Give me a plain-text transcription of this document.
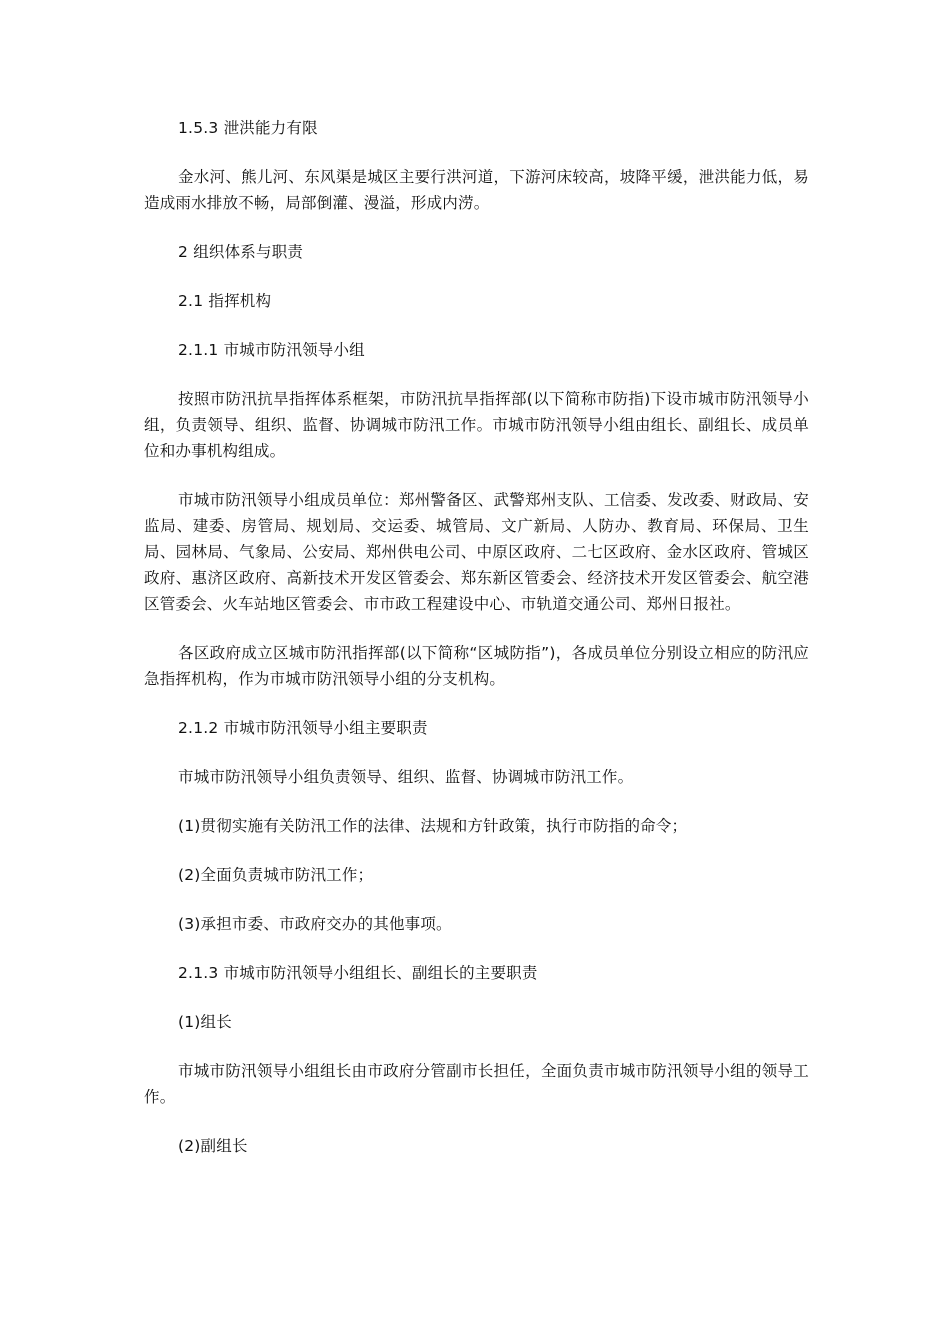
1.5.3 泄洪能力有限
金水河、熊儿河、东风渠是城区主要行洪河道，下游河床较高，坡降平缓，泄洪能力低，易造成雨水排放不畅，局部倒灌、漫溢，形成内涝。
2 组织体系与职责
2.1 指挥机构
2.1.1 市城市防汛领导小组
按照市防汛抗旱指挥体系框架，市防汛抗旱指挥部(以下简称市防指)下设市城市防汛领导小组，负责领导、组织、监督、协调城市防汛工作。市城市防汛领导小组由组长、副组长、成员单位和办事机构组成。
市城市防汛领导小组成员单位：郑州警备区、武警郑州支队、工信委、发改委、财政局、安监局、建委、房管局、规划局、交运委、城管局、文广新局、人防办、教育局、环保局、卫生局、园林局、气象局、公安局、郑州供电公司、中原区政府、二七区政府、金水区政府、管城区政府、惠济区政府、高新技术开发区管委会、郑东新区管委会、经济技术开发区管委会、航空港区管委会、火车站地区管委会、市市政工程建设中心、市轨道交通公司、郑州日报社。
各区政府成立区城市防汛指挥部(以下简称“区城防指”)，各成员单位分别设立相应的防汛应急指挥机构，作为市城市防汛领导小组的分支机构。
2.1.2 市城市防汛领导小组主要职责
市城市防汛领导小组负责领导、组织、监督、协调城市防汛工作。
(1)贯彻实施有关防汛工作的法律、法规和方针政策，执行市防指的命令；
(2)全面负责城市防汛工作；
(3)承担市委、市政府交办的其他事项。
2.1.3 市城市防汛领导小组组长、副组长的主要职责
(1)组长
市城市防汛领导小组组长由市政府分管副市长担任，全面负责市城市防汛领导小组的领导工作。
(2)副组长
